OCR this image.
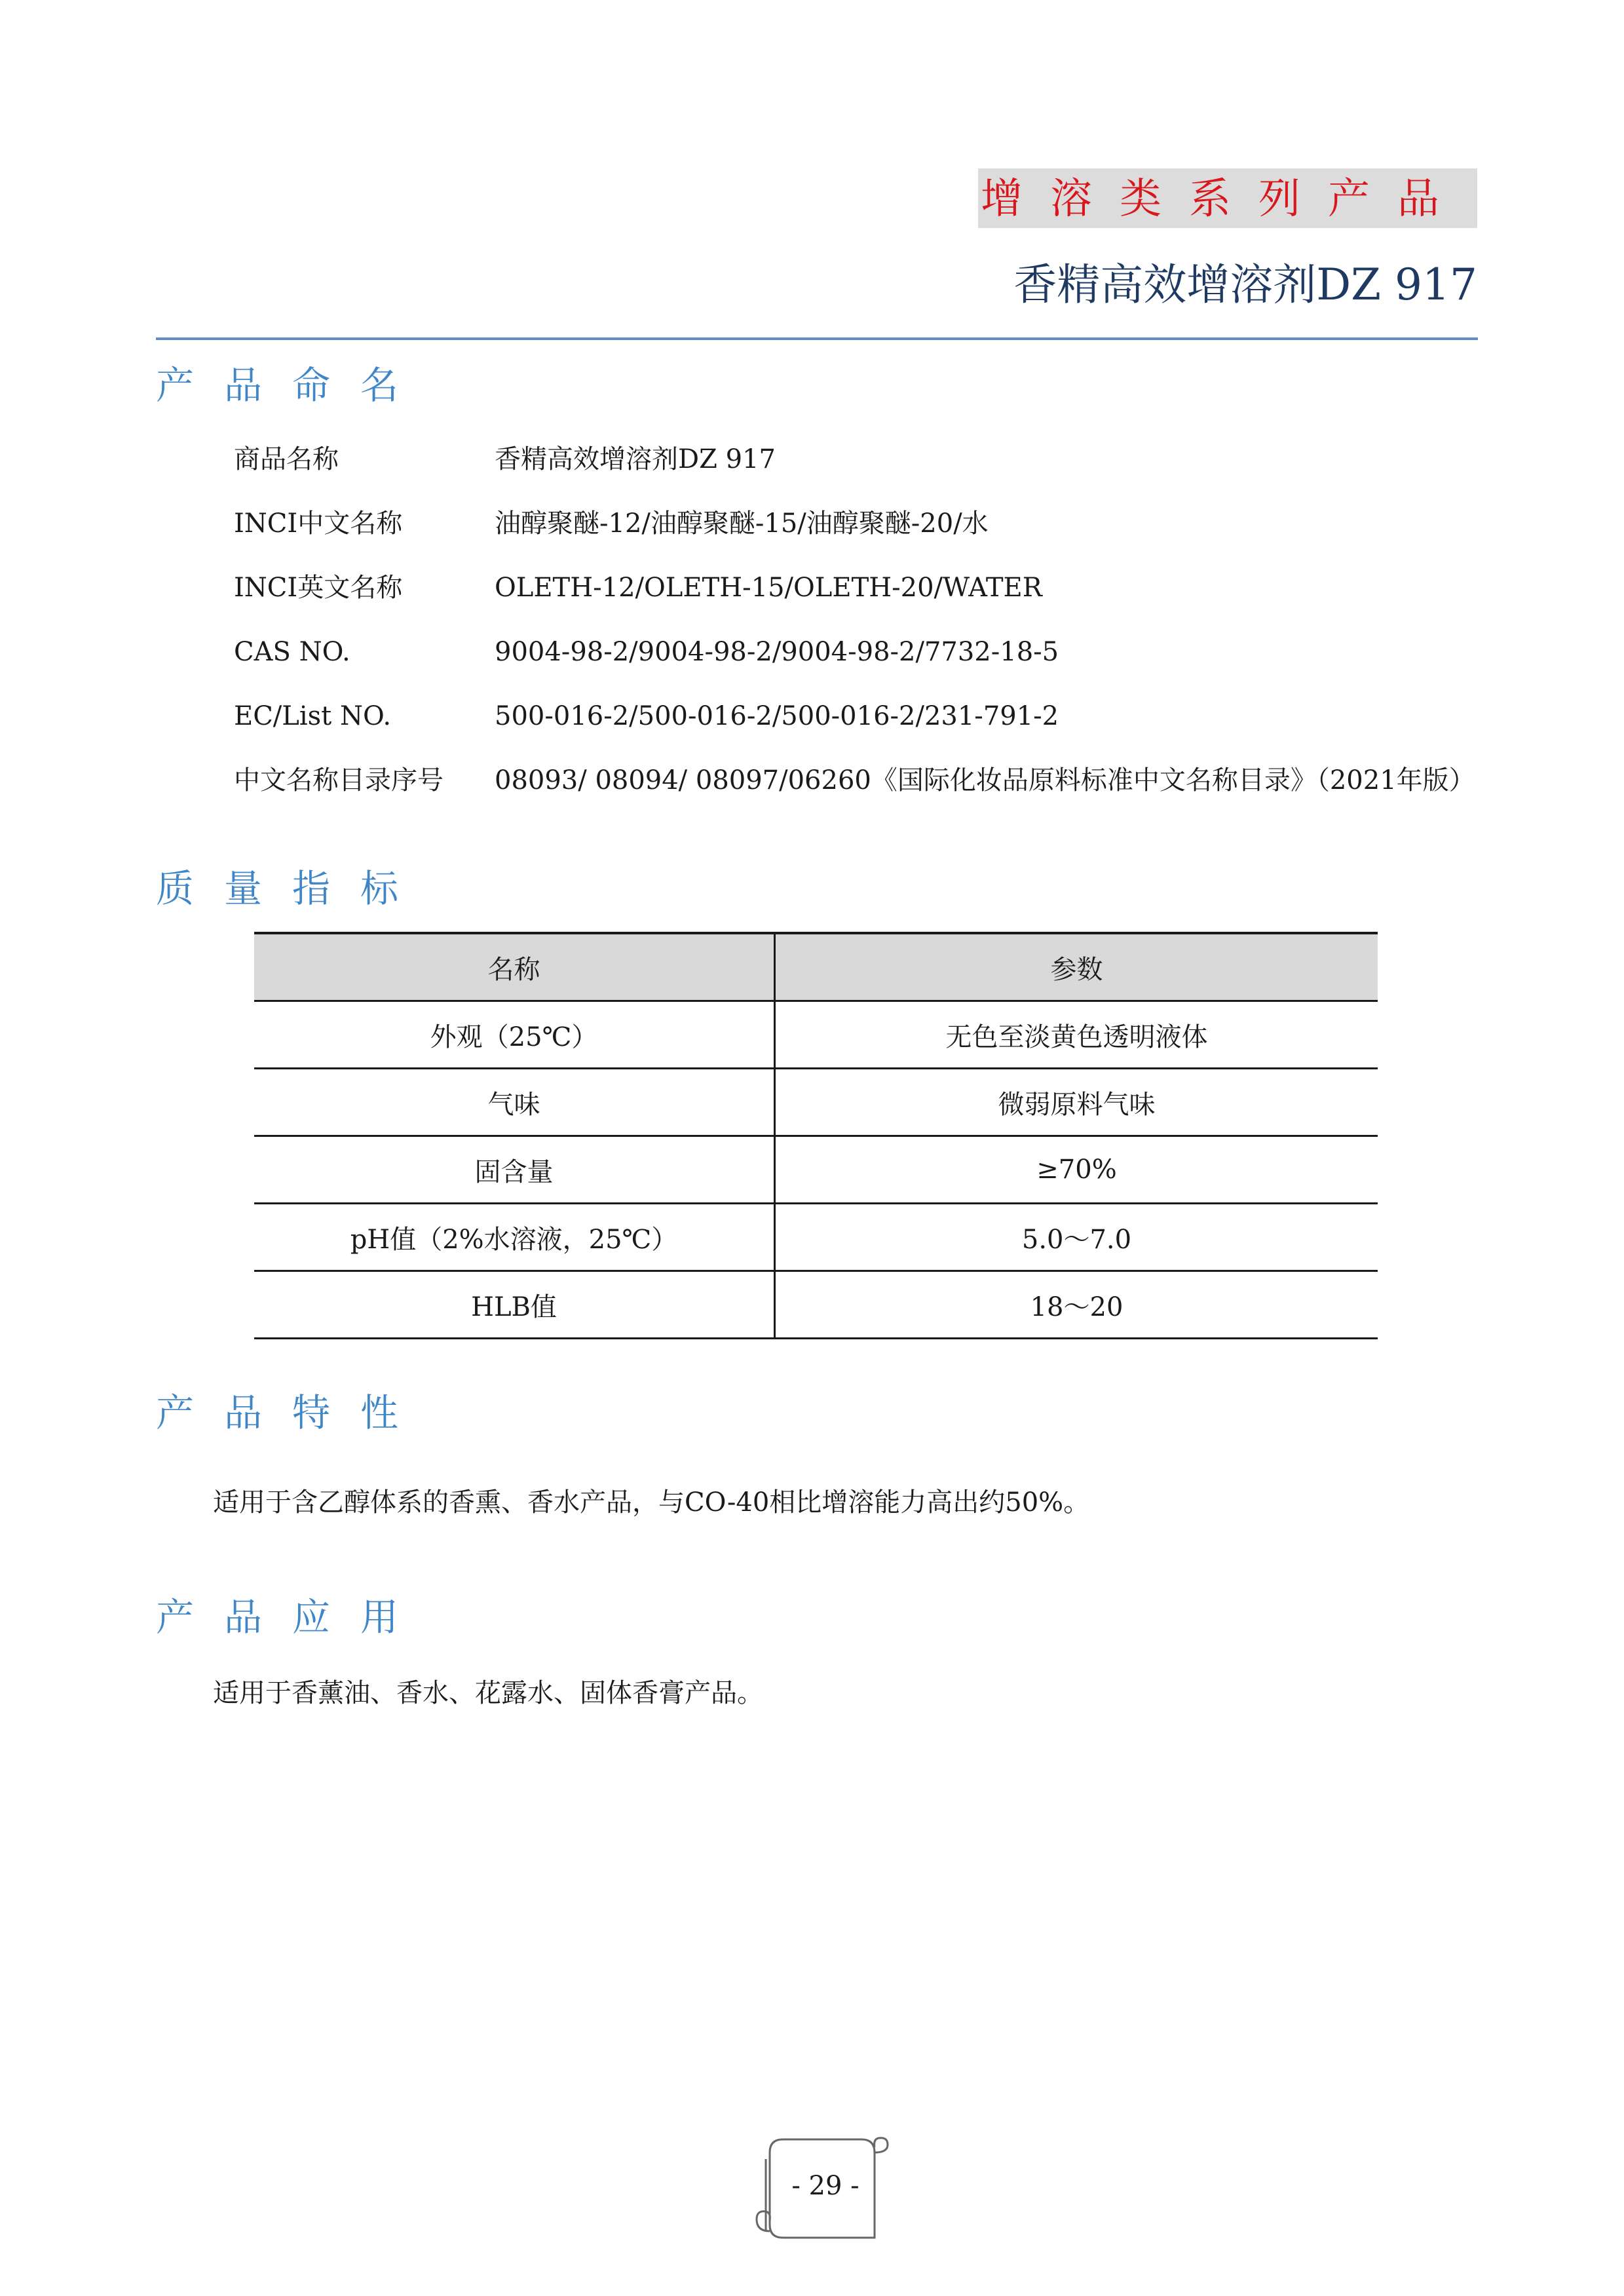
增溶类系列产品
香精高效增溶剂DZ 917
产品命名
商品名称	香精高效增溶剂DZ 917
INCI中文名称	油醇聚醚-12/油醇聚醚-15/油醇聚醚-20/水
INCI英文名称	OLETH-12/OLETH-15/OLETH-20/WATER
CAS NO.	9004-98-2/9004-98-2/9004-98-2/7732-18-5
EC/List NO.	500-016-2/500-016-2/500-016-2/231-791-2
中文名称目录序号 08093/ 08094/ 08097/06260《国际化妆品原料标准中文名称目录》（2021年版）
质量指标
名称	参数
外观（25℃）	无色至淡黄色透明液体
气味	微弱原料气味
固含量	≥70%
pH值（2%水溶液，25℃）	5.0～7.0
HLB值	18～20
产品特性
适用于含乙醇体系的香熏、香水产品，与CO-40相比增溶能力高出约50%。
产品应用
适用于香薰油、香水、花露水、固体香膏产品。
- 29 -
